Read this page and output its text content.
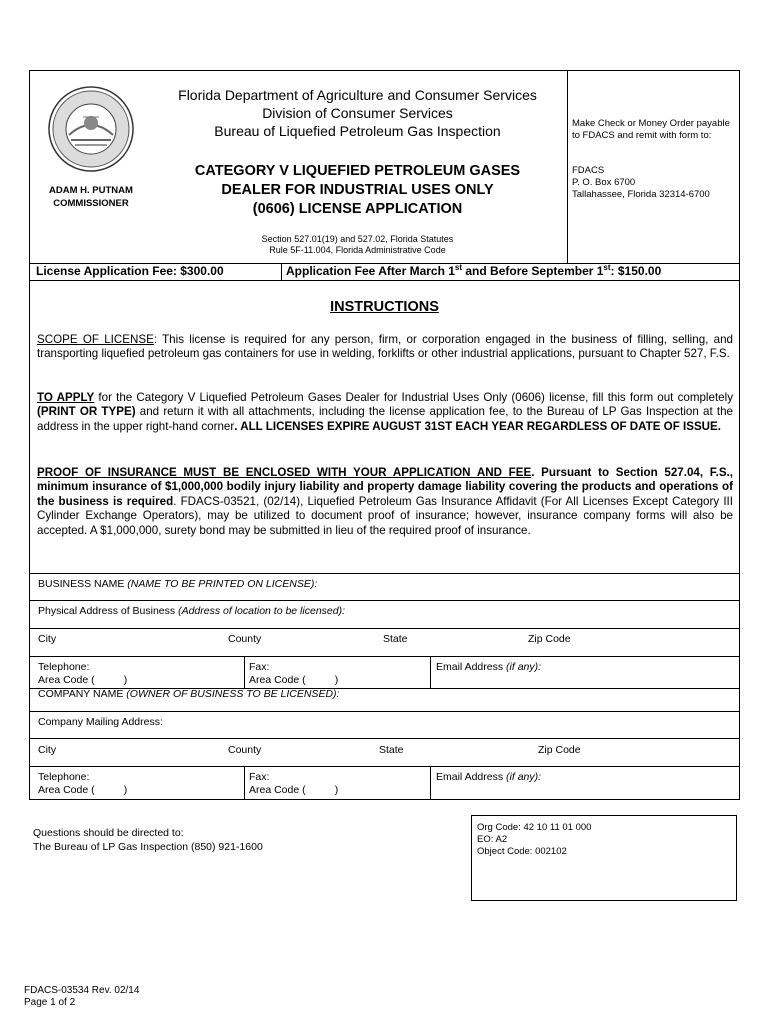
ADAM H. PUTNAM
COMMISSIONER
Florida Department of Agriculture and Consumer Services
Division of Consumer Services
Bureau of Liquefied Petroleum Gas Inspection
CATEGORY V LIQUEFIED PETROLEUM GASES
DEALER FOR INDUSTRIAL USES ONLY
(0606) LICENSE APPLICATION
Section 527.01(19) and 527.02, Florida Statutes
Rule 5F-11.004, Florida Administrative Code
Make Check or Money Order payable to FDACS and remit with form to:
FDACS
P. O. Box 6700
Tallahassee, Florida 32314-6700
License Application Fee: $300.00	Application Fee After March 1st and Before September 1st: $150.00
INSTRUCTIONS
SCOPE OF LICENSE: This license is required for any person, firm, or corporation engaged in the business of filling, selling, and transporting liquefied petroleum gas containers for use in welding, forklifts or other industrial applications, pursuant to Chapter 527, F.S.
TO APPLY for the Category V Liquefied Petroleum Gases Dealer for Industrial Uses Only (0606) license, fill this form out completely (PRINT OR TYPE) and return it with all attachments, including the license application fee, to the Bureau of LP Gas Inspection at the address in the upper right-hand corner. ALL LICENSES EXPIRE AUGUST 31ST EACH YEAR REGARDLESS OF DATE OF ISSUE.
PROOF OF INSURANCE MUST BE ENCLOSED WITH YOUR APPLICATION AND FEE. Pursuant to Section 527.04, F.S., minimum insurance of $1,000,000 bodily injury liability and property damage liability covering the products and operations of the business is required. FDACS-03521, (02/14), Liquefied Petroleum Gas Insurance Affidavit (For All Licenses Except Category III Cylinder Exchange Operators), may be utilized to document proof of insurance; however, insurance company forms will also be accepted. A $1,000,000, surety bond may be submitted in lieu of the required proof of insurance.
BUSINESS NAME (NAME TO BE PRINTED ON LICENSE):
Physical Address of Business (Address of location to be licensed):
City	County	State	Zip Code
Telephone:
Area Code (          )
Fax:
Area Code (          )
Email Address (if any):
COMPANY NAME (OWNER OF BUSINESS TO BE LICENSED):
Company Mailing Address:
City	County	State	Zip Code
Telephone:
Area Code (          )
Fax:
Area Code (          )
Email Address (if any):
Questions should be directed to:
The Bureau of LP Gas Inspection (850) 921-1600
Org Code: 42 10 11 01 000
EO: A2
Object Code: 002102
FDACS-03534 Rev. 02/14
Page 1 of 2
